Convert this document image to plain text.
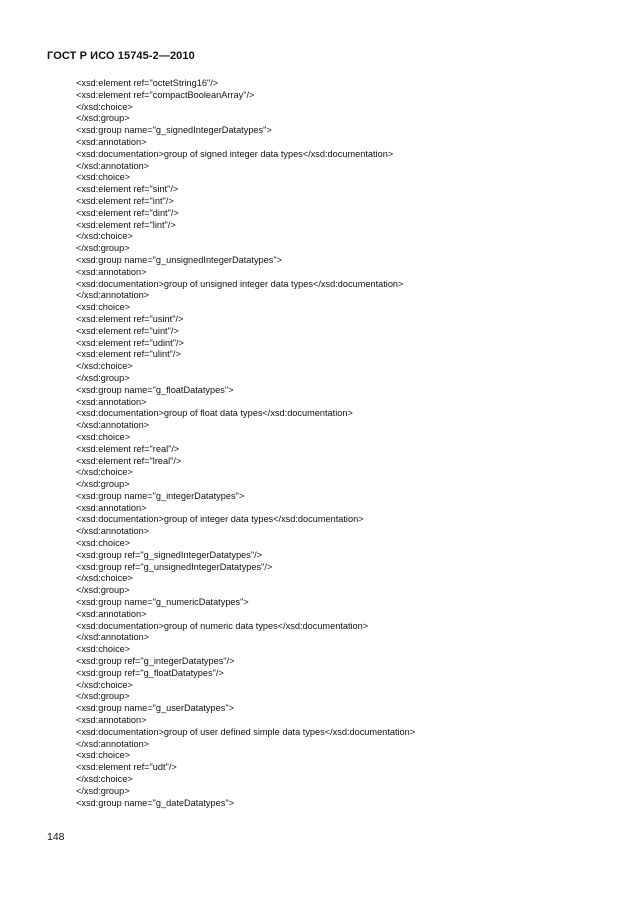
ГОСТ Р ИСО 15745-2—2010
<xsd:element ref="octetString16"/>
<xsd:element ref="compactBooleanArray"/>
</xsd:choice>
</xsd:group>
<xsd:group name="g_signedIntegerDatatypes">
<xsd:annotation>
<xsd:documentation>group of signed integer data types</xsd:documentation>
</xsd:annotation>
<xsd:choice>
<xsd:element ref="sint"/>
<xsd:element ref="int"/>
<xsd:element ref="dint"/>
<xsd:element ref="lint"/>
</xsd:choice>
</xsd:group>
<xsd:group name="g_unsignedIntegerDatatypes">
<xsd:annotation>
<xsd:documentation>group of unsigned integer data types</xsd:documentation>
</xsd:annotation>
<xsd:choice>
<xsd:element ref="usint"/>
<xsd:element ref="uint"/>
<xsd:element ref="udint"/>
<xsd:element ref="ulint"/>
</xsd:choice>
</xsd:group>
<xsd:group name="g_floatDatatypes">
<xsd:annotation>
<xsd:documentation>group of float data types</xsd:documentation>
</xsd:annotation>
<xsd:choice>
<xsd:element ref="real"/>
<xsd:element ref="lreal"/>
</xsd:choice>
</xsd:group>
<xsd:group name="g_integerDatatypes">
<xsd:annotation>
<xsd:documentation>group of integer data types</xsd:documentation>
</xsd:annotation>
<xsd:choice>
<xsd:group ref="g_signedIntegerDatatypes"/>
<xsd:group ref="g_unsignedIntegerDatatypes"/>
</xsd:choice>
</xsd:group>
<xsd:group name="g_numericDatatypes">
<xsd:annotation>
<xsd:documentation>group of numeric data types</xsd:documentation>
</xsd:annotation>
<xsd:choice>
<xsd:group ref="g_integerDatatypes"/>
<xsd:group ref="g_floatDatatypes"/>
</xsd:choice>
</xsd:group>
<xsd:group name="g_userDatatypes">
<xsd:annotation>
<xsd:documentation>group of user defined simple data types</xsd:documentation>
</xsd:annotation>
<xsd:choice>
<xsd:element ref="udt"/>
</xsd:choice>
</xsd:group>
<xsd:group name="g_dateDatatypes">
148
